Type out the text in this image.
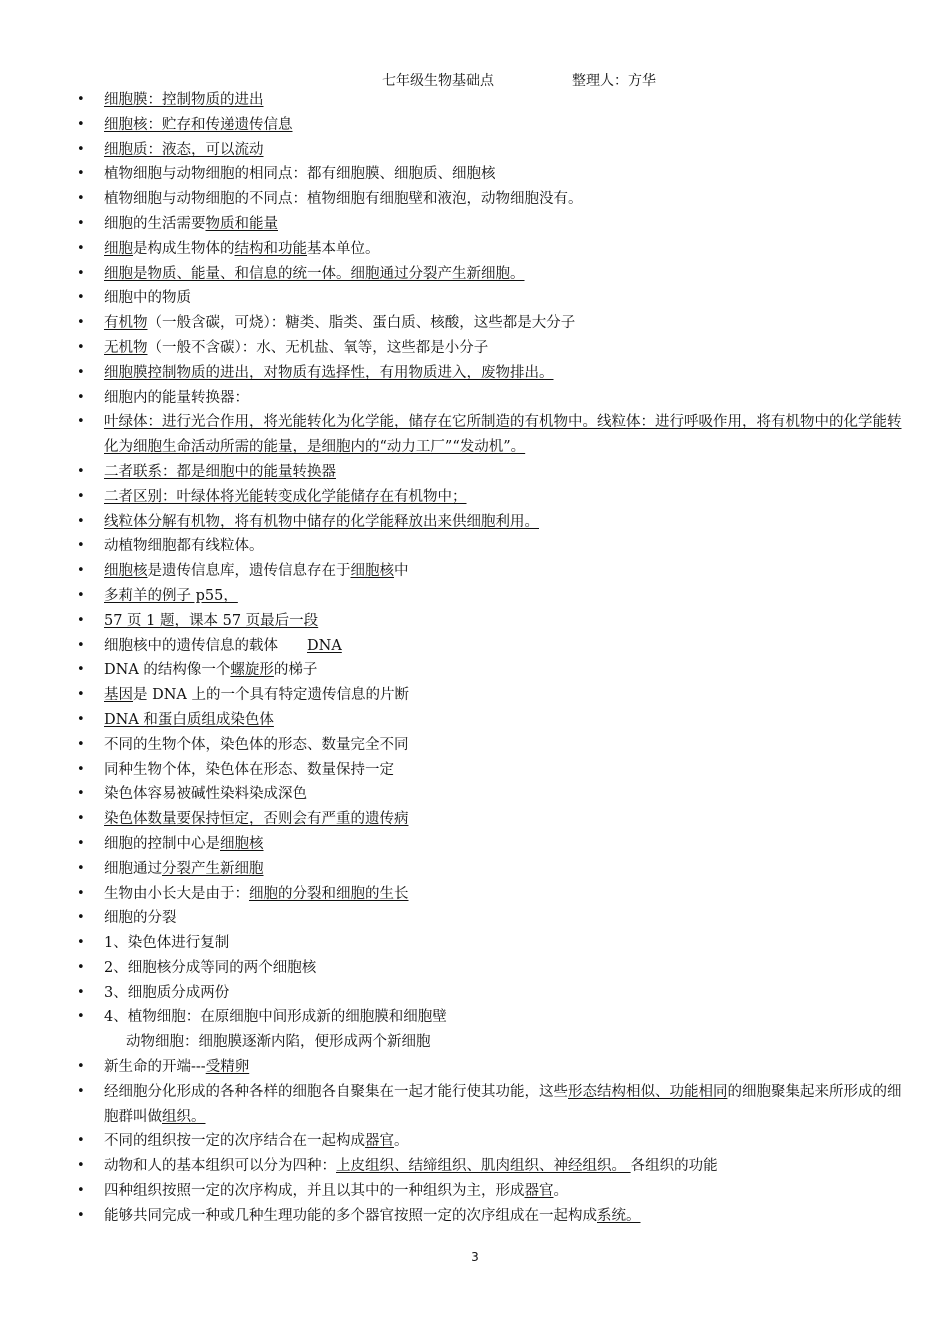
七年级生物基础点	整理人：方华
• 细胞膜：控制物质的进出
• 细胞核：贮存和传递遗传信息
• 细胞质：液态，可以流动
• 植物细胞与动物细胞的相同点：都有细胞膜、细胞质、细胞核
• 植物细胞与动物细胞的不同点：植物细胞有细胞壁和液泡，动物细胞没有。
• 细胞的生活需要物质和能量
• 细胞是构成生物体的结构和功能基本单位。
• 细胞是物质、能量、和信息的统一体。细胞通过分裂产生新细胞。
• 细胞中的物质
• 有机物（一般含碳，可烧）：糖类、脂类、蛋白质、核酸，这些都是大分子
• 无机物（一般不含碳）：水、无机盐、氧等，这些都是小分子
• 细胞膜控制物质的进出，对物质有选择性，有用物质进入，废物排出。
• 细胞内的能量转换器：
• 叶绿体：进行光合作用，将光能转化为化学能，储存在它所制造的有机物中。线粒体：进行呼吸作用，将有机物中的化学能转化为细胞生命活动所需的能量，是细胞内的“动力工厂”“发动机”。
• 二者联系：都是细胞中的能量转换器
• 二者区别：叶绿体将光能转变成化学能储存在有机物中；
• 线粒体分解有机物，将有机物中储存的化学能释放出来供细胞利用。
• 动植物细胞都有线粒体。
• 细胞核是遗传信息库，遗传信息存在于细胞核中
• 多莉羊的例子 p55，
• 57 页 1 题，课本 57 页最后一段
• 细胞核中的遗传信息的载体　　DNA
• DNA 的结构像一个螺旋形的梯子
• 基因是 DNA 上的一个具有特定遗传信息的片断
• DNA 和蛋白质组成染色体
• 不同的生物个体，染色体的形态、数量完全不同
• 同种生物个体，染色体在形态、数量保持一定
• 染色体容易被碱性染料染成深色
• 染色体数量要保持恒定，否则会有严重的遗传病
• 细胞的控制中心是细胞核
• 细胞通过分裂产生新细胞
• 生物由小长大是由于：细胞的分裂和细胞的生长
• 细胞的分裂
• 1、染色体进行复制
• 2、细胞核分成等同的两个细胞核
• 3、细胞质分成两份
• 4、植物细胞：在原细胞中间形成新的细胞膜和细胞壁
动物细胞：细胞膜逐渐内陷，便形成两个新细胞
• 新生命的开端---受精卵
• 经细胞分化形成的各种各样的细胞各自聚集在一起才能行使其功能，这些形态结构相似、功能相同的细胞聚集起来所形成的细胞群叫做组织。
• 不同的组织按一定的次序结合在一起构成器官。
• 动物和人的基本组织可以分为四种：上皮组织、结缔组织、肌肉组织、神经组织。 各组织的功能
• 四种组织按照一定的次序构成，并且以其中的一种组织为主，形成器官。
• 能够共同完成一种或几种生理功能的多个器官按照一定的次序组成在一起构成系统。
3
